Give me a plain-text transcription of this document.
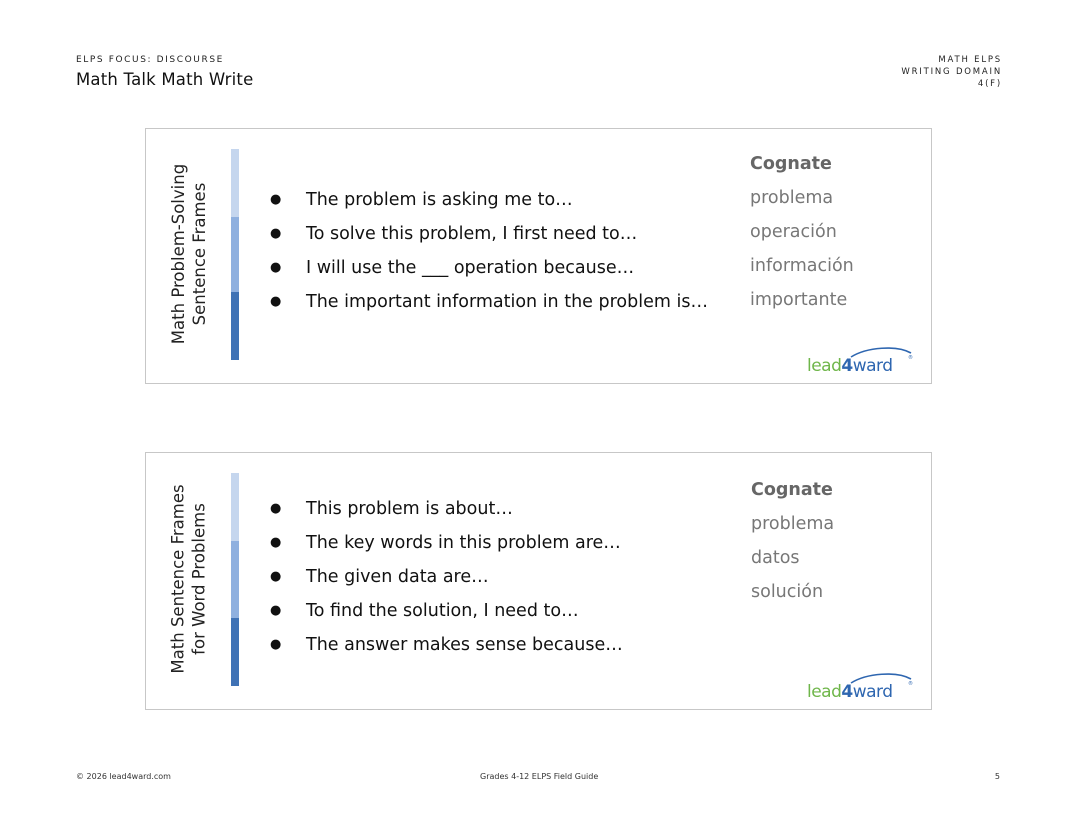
ELPS FOCUS: DISCOURSE
Math Talk Math Write
MATH ELPS
WRITING DOMAIN
4(F)
Math Problem-Solving Sentence Frames	● The problem is asking me to…
● To solve this problem, I first need to…
● I will use the ___ operation because…
● The important information in the problem is…
Cognate
problema
operación
información
importante
lead4ward	®
Math Sentence Frames for Word Problems	● This problem is about…
● The key words in this problem are…
● The given data are…
● To find the solution, I need to…
● The answer makes sense because…
Cognate
problema
datos
solución
lead4ward	®
© 2026 lead4ward.com	Grades 4-12 ELPS Field Guide	5
